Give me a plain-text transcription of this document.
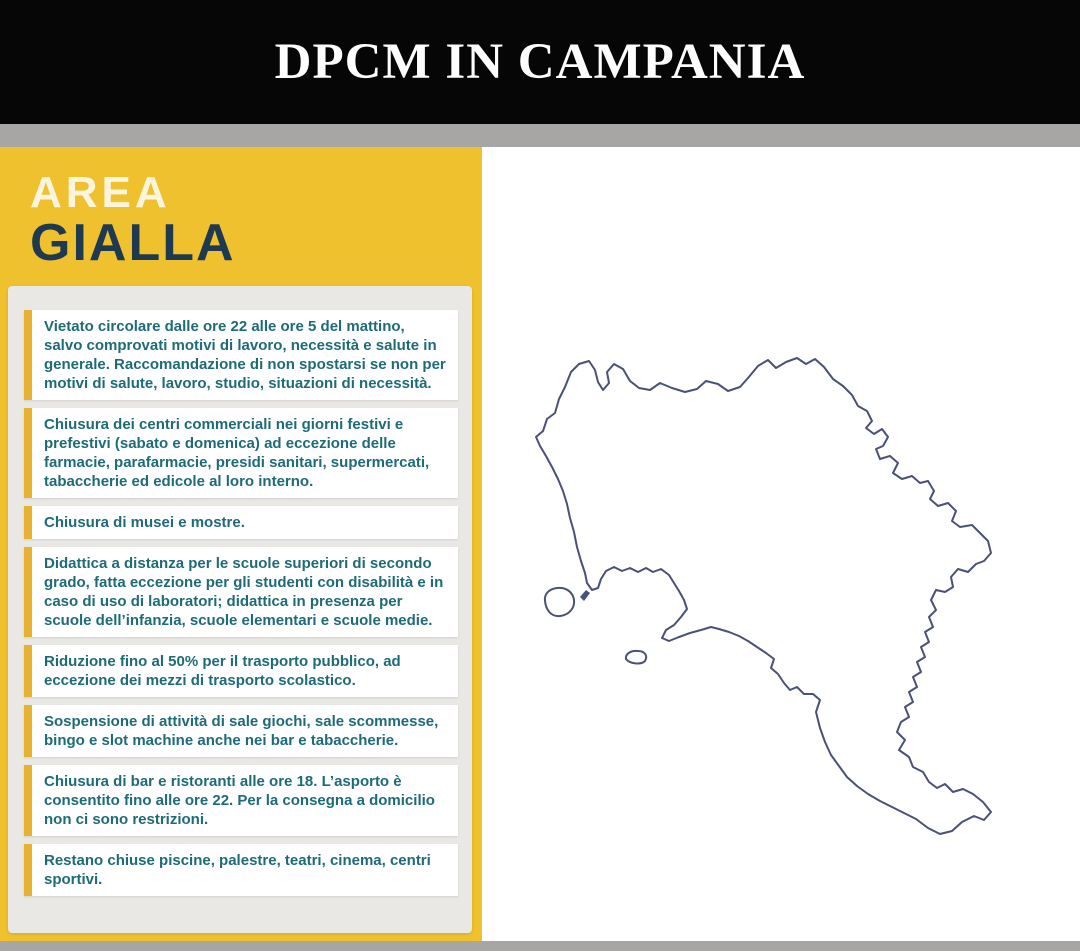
DPCM IN CAMPANIA
AREA
GIALLA
Vietato circolare dalle ore 22 alle ore 5 del mattino, salvo comprovati motivi di lavoro, necessità e salute in generale. Raccomandazione di non spostarsi se non per motivi di salute, lavoro, studio, situazioni di necessità.
Chiusura dei centri commerciali nei giorni festivi e prefestivi (sabato e domenica) ad eccezione delle farmacie, parafarmacie, presidi sanitari, supermercati, tabaccherie ed edicole al loro interno.
Chiusura di musei e mostre.
Didattica a distanza per le scuole superiori di secondo grado, fatta eccezione per gli studenti con disabilità e in caso di uso di laboratori; didattica in presenza per scuole dell’infanzia, scuole elementari e scuole medie.
Riduzione fino al 50% per il trasporto pubblico, ad eccezione dei mezzi di trasporto scolastico.
Sospensione di attività di sale giochi, sale scommesse, bingo e slot machine anche nei bar e tabaccherie.
Chiusura di bar e ristoranti alle ore 18. L’asporto è consentito fino alle ore 22. Per la consegna a domicilio non ci sono restrizioni.
Restano chiuse piscine, palestre, teatri, cinema, centri sportivi.
